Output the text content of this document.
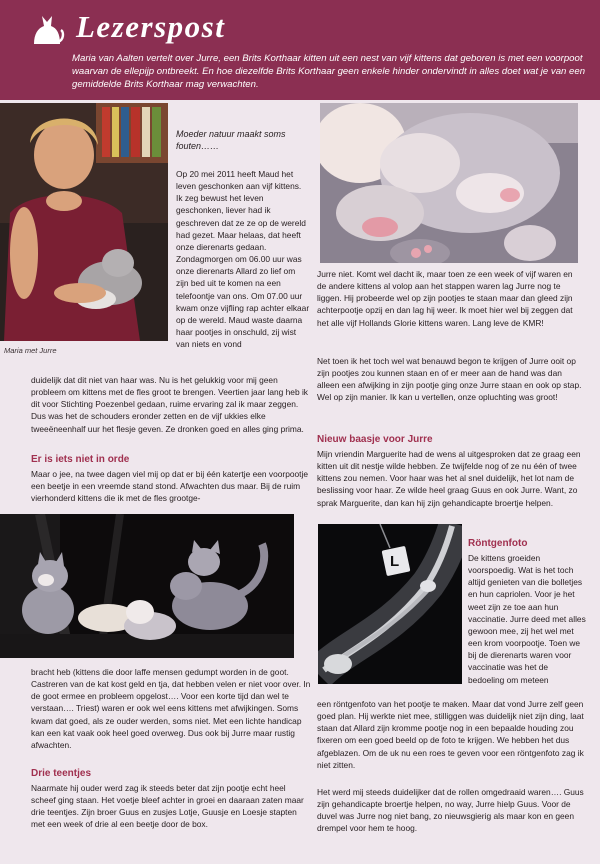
32 Lezerspost
Maria van Aalten vertelt over Jurre, een Brits Korthaar kitten uit een nest van vijf kittens dat geboren is met een voorpoot waarvan de ellepijp ontbreekt. En hoe diezelfde Brits Korthaar geen enkele hinder ondervindt in alles doet wat je van een gemiddelde Brits Korthaar mag verwachten.
Maria met Jurre
Moeder natuur maakt soms fouten……
Op 20 mei 2011 heeft Maud het leven geschonken aan vijf kittens. Ik zeg bewust het leven geschonken, liever had ik geschreven dat ze ze op de wereld had gezet. Maar helaas, dat heeft onze dierenarts gedaan. Zondagmorgen om 06.00 uur was onze dierenarts Allard zo lief om zijn bed uit te komen na een telefoontje van ons. Om 07.00 uur kwam onze vijfling rap achter elkaar op de wereld. Maud waste daarna haar pootjes in onschuld, zij wist van niets en vond
duidelijk dat dit niet van haar was. Nu is het gelukkig voor mij geen probleem om kittens met de fles groot te brengen. Veertien jaar lang heb ik dit voor Stichting Poezenbel gedaan, ruime ervaring zal ik maar zeggen. Dus was het de schouders eronder zetten en de vijf ukkies elke tweeëneenhalf uur het flesje geven. Ze dronken goed en alles ging prima.
Er is iets niet in orde
Maar o jee, na twee dagen viel mij op dat er bij één katertje een voorpootje een beetje in een vreemde stand stond. Afwachten dus maar. Bij de ruim vierhonderd kittens die ik met de fles grootge-
bracht heb (kittens die door laffe mensen gedumpt worden in de goot. Castreren van de kat kost geld en tja, dat hebben velen er niet voor over. In de goot ermee en probleem opgelost…. Voor een korte tijd dan wel te verstaan…. Triest) waren er ook wel eens kittens met afwijkingen. Soms kwam dat goed, als ze ouder werden, soms niet. Met een lichte handicap kan een kat vaak ook heel goed overweg. Dus ook bij Jurre maar rustig afwachten.
Drie teentjes
Naarmate hij ouder werd zag ik steeds beter dat zijn pootje echt heel scheef ging staan. Het voetje bleef achter in groei en daaraan zaten maar drie teentjes. Zijn broer Guus en zusjes Lotje, Guusje en Loesje stapten met een week of drie al een beetje door de box.
Jurre niet. Komt wel dacht ik, maar toen ze een week of vijf waren en de andere kittens al volop aan het stappen waren lag Jurre nog te liggen. Hij probeerde wel op zijn pootjes te staan maar dan gleed zijn achterpootje opzij en dan lag hij weer. Ik moet hier wel bij zeggen dat het alle vijf Hollands Glorie kittens waren. Lang leve de KMR!
Net toen ik het toch wel wat benauwd begon te krijgen of Jurre ooit op zijn pootjes zou kunnen staan en of er meer aan de hand was dan alleen een afwijking in zijn pootje ging onze Jurre staan en ook op stap. Wel op zijn manier. Ik kan u vertellen, onze opluchting was groot!
Nieuw baasje voor Jurre
Mijn vriendin Marguerite had de wens al uitgesproken dat ze graag een kitten uit dit nestje wilde hebben. Ze twijfelde nog of ze nu één of twee kittens zou nemen. Voor haar was het al snel duidelijk, het lot nam de beslissing voor haar. Ze wilde heel graag Guus en ook Jurre. Want, zo sprak Marguerite, dan kan hij zijn gehandicapte broertje helpen.
L
Röntgenfoto
De kittens groeiden voorspoedig. Wat is het toch altijd genieten van die bolletjes en hun capriolen. Voor je het weet zijn ze toe aan hun vaccinatie. Jurre deed met alles gewoon mee, zij het wel met een krom voorpootje. Toen we bij de dierenarts waren voor vaccinatie was het de bedoeling om meteen
een röntgenfoto van het pootje te maken. Maar dat vond Jurre zelf geen goed plan. Hij werkte niet mee, stilliggen was duidelijk niet zijn ding, laat staan dat Allard zijn kromme pootje nog in een bepaalde houding zou fixeren om een goed beeld op de foto te krijgen. We hebben het dus afgeblazen. Om de uk nu een roes te geven voor een röntgenfoto zag ik niet zitten.
Het werd mij steeds duidelijker dat de rollen omgedraaid waren…. Guus zijn gehandicapte broertje helpen, no way, Jurre hielp Guus. Voor de duvel was Jurre nog niet bang, zo nieuwsgierig als maar kon en geen drempel voor hem te hoog.
